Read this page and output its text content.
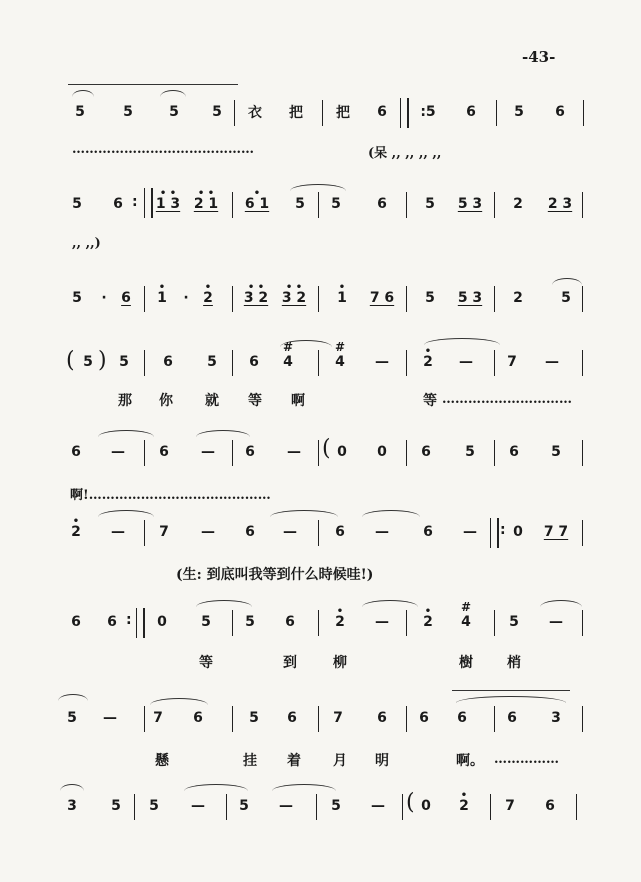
-43-
5	5	5 5 衣 把 把 6 :5 6	5 6
……………………………………	(呆 ,, ,, ,, ,,
5 6 :
• •
1 3
• •
2 1
•
6 1 5 5	6	5 5 3 2 2 3
,, ,,)
5 · 6
•
1 ·
•
2
• •
3 2
• •
3 2
•
1 7 6 5 5 3 2	5
( 5 ) 5 6 5 6
#
4
#
4 —
•
2 — 7 —
那 你 就 等 啊	等 …………………………
6 — 6 — 6 — ( 0 0 6 5 6 5
啊!……………………………………
•
2 — 7 — 6 —	6 — 6 — : 0 7 7
(生: 到底叫我等到什么時候哇!)
6 6 : 0 5 5 6
•
2 —
•
2
#
4	5 —
等	到	柳	樹 梢
5 —	7 6	5 6	7 6 6 6	6 3
懸	挂 着 月 明	啊。 ……………
3 5 5 — 5 —	5 — ( 0
•
2	7 6
